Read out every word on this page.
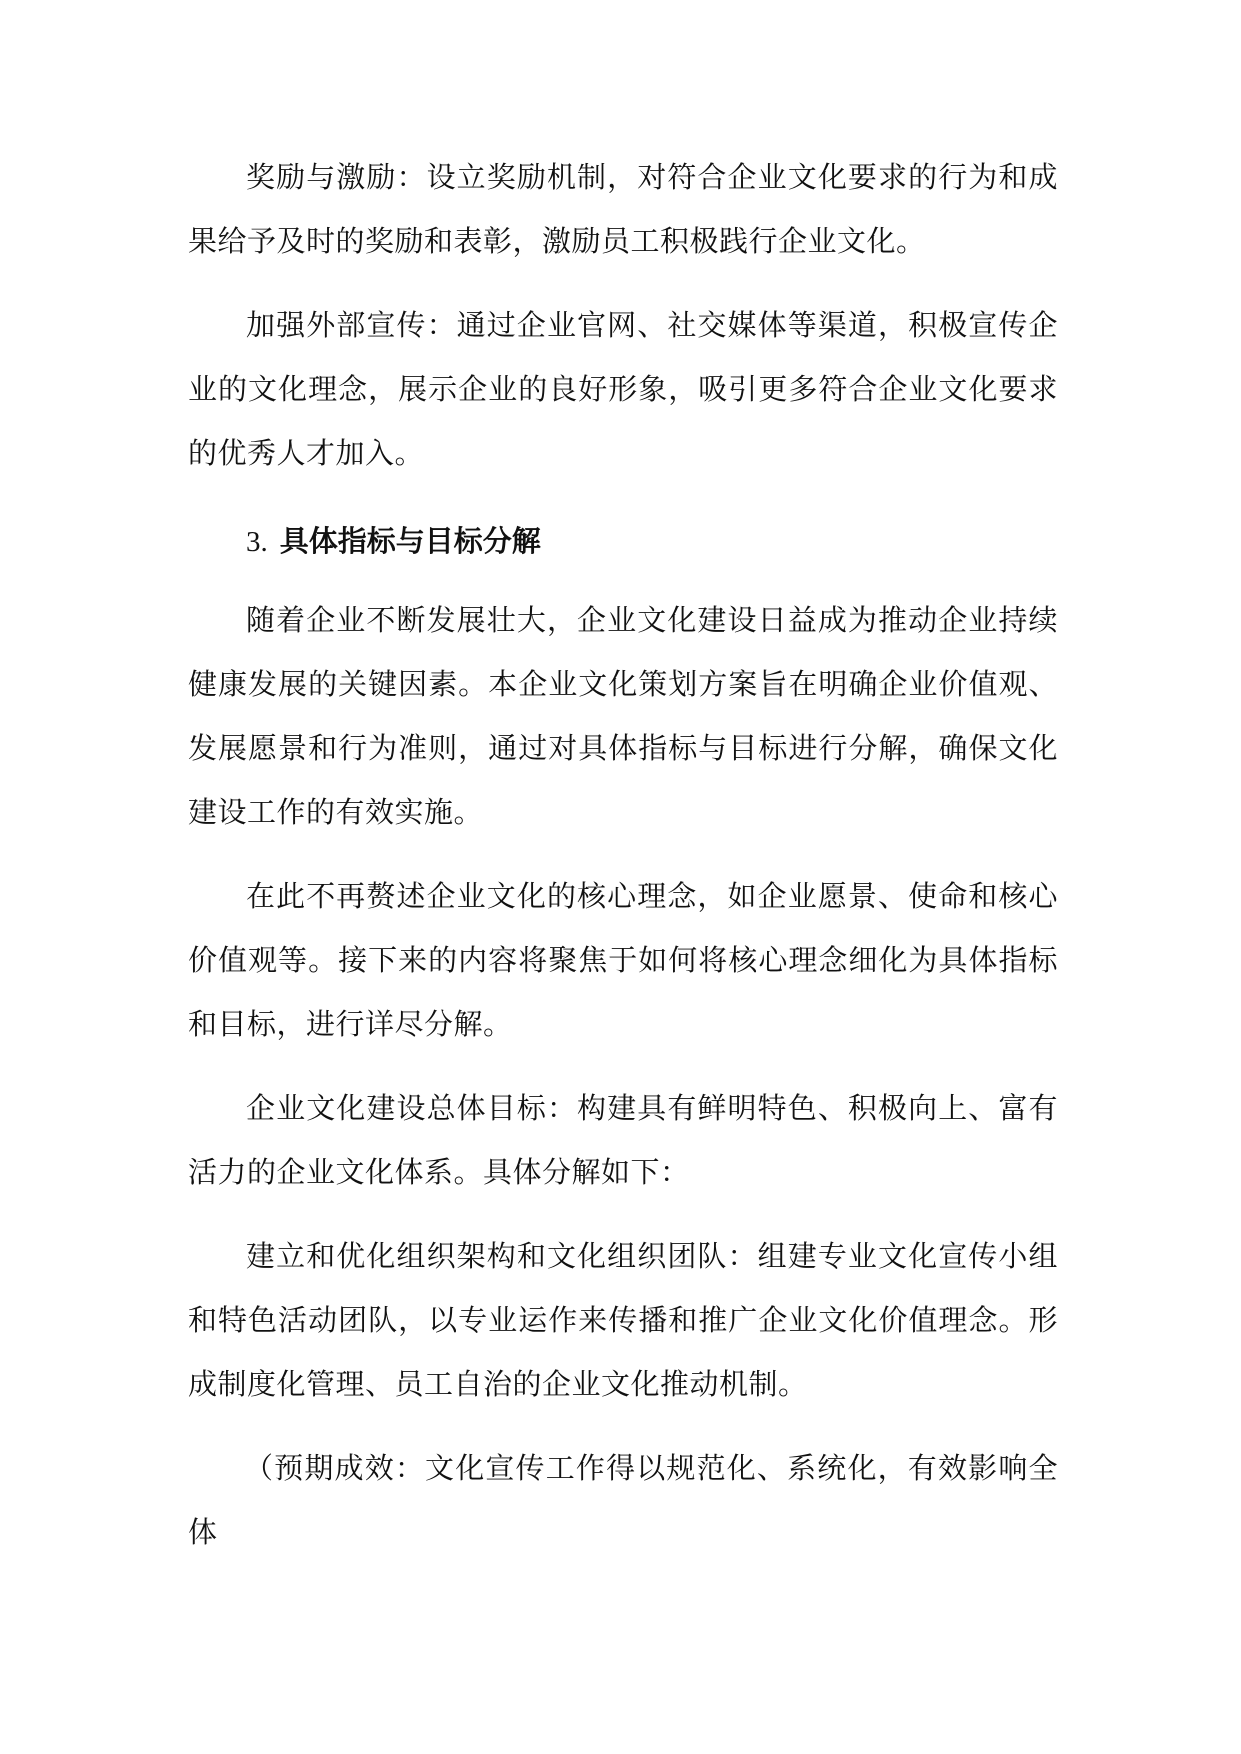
奖励与激励：设立奖励机制，对符合企业文化要求的行为和成果给予及时的奖励和表彰，激励员工积极践行企业文化。

加强外部宣传：通过企业官网、社交媒体等渠道，积极宣传企业的文化理念，展示企业的良好形象，吸引更多符合企业文化要求的优秀人才加入。

3. 具体指标与目标分解

随着企业不断发展壮大，企业文化建设日益成为推动企业持续健康发展的关键因素。本企业文化策划方案旨在明确企业价值观、发展愿景和行为准则，通过对具体指标与目标进行分解，确保文化建设工作的有效实施。

在此不再赘述企业文化的核心理念，如企业愿景、使命和核心价值观等。接下来的内容将聚焦于如何将核心理念细化为具体指标和目标，进行详尽分解。

企业文化建设总体目标：构建具有鲜明特色、积极向上、富有活力的企业文化体系。具体分解如下：

建立和优化组织架构和文化组织团队：组建专业文化宣传小组和特色活动团队，以专业运作来传播和推广企业文化价值理念。形成制度化管理、员工自治的企业文化推动机制。

（预期成效：文化宣传工作得以规范化、系统化，有效影响全体
